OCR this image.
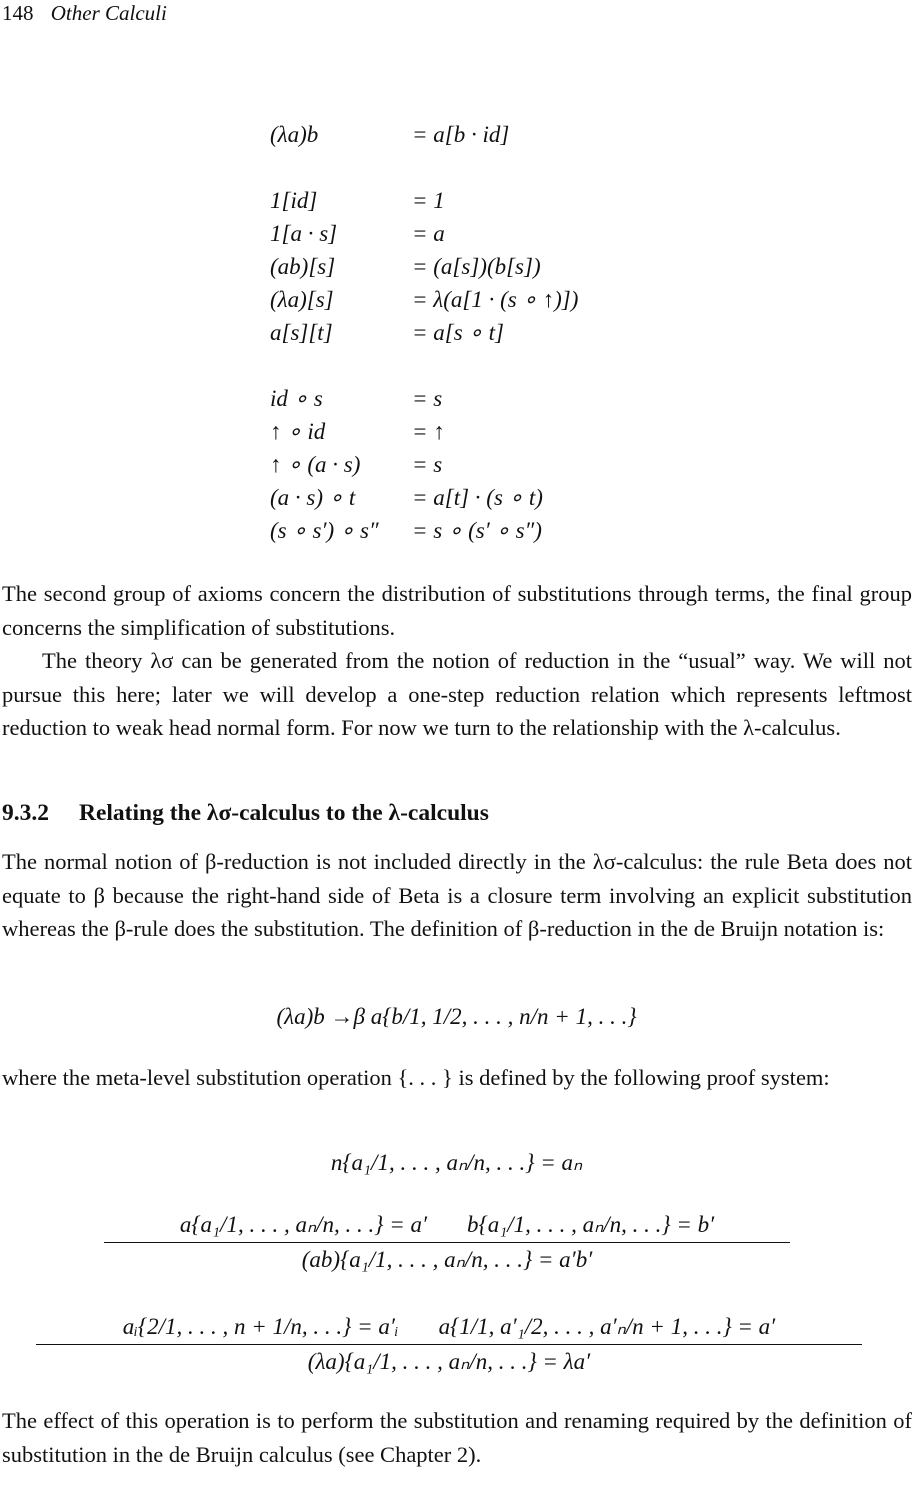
148 Other Calculi
(λa)b	= a[b · id]
1[id]	= 1
1[a · s]	= a
(ab)[s]	= (a[s])(b[s])
(λa)[s]	= λ(a[1 · (s ∘ ↑)])
a[s][t]	= a[s ∘ t]
id ∘ s	= s
↑ ∘ id	= ↑
↑ ∘ (a · s)	= s
(a · s) ∘ t	= a[t] · (s ∘ t)
(s ∘ s′) ∘ s″	= s ∘ (s′ ∘ s″)

The second group of axioms concern the distribution of substitutions through terms, the final group concerns the simplification of substitutions.

The theory λσ can be generated from the notion of reduction in the “usual” way. We will not pursue this here; later we will develop a one-step reduction relation which represents leftmost reduction to weak head normal form. For now we turn to the relationship with the λ-calculus.

9.3.2 Relating the λσ-calculus to the λ-calculus

The normal notion of β-reduction is not included directly in the λσ-calculus: the rule Beta does not equate to β because the right-hand side of Beta is a closure term involving an explicit substitution whereas the β-rule does the substitution. The definition of β-reduction in the de Bruijn notation is:

(λa)b →β a{b/1, 1/2, . . . , n/n + 1, . . .}

where the meta-level substitution operation {. . . } is defined by the following proof system:

n{a₁/1, . . . , aₙ/n, . . .} = aₙ
a{a₁/1, . . . , aₙ/n, . . .} = a′ b{a₁/1, . . . , aₙ/n, . . .} = b′
(ab){a₁/1, . . . , aₙ/n, . . .} = a′b′
aᵢ{2/1, . . . , n + 1/n, . . .} = a′ᵢ a{1/1, a′₁/2, . . . , a′ₙ/n + 1, . . .} = a′
(λa){a₁/1, . . . , aₙ/n, . . .} = λa′

The effect of this operation is to perform the substitution and renaming required by the definition of substitution in the de Bruijn calculus (see Chapter 2).
